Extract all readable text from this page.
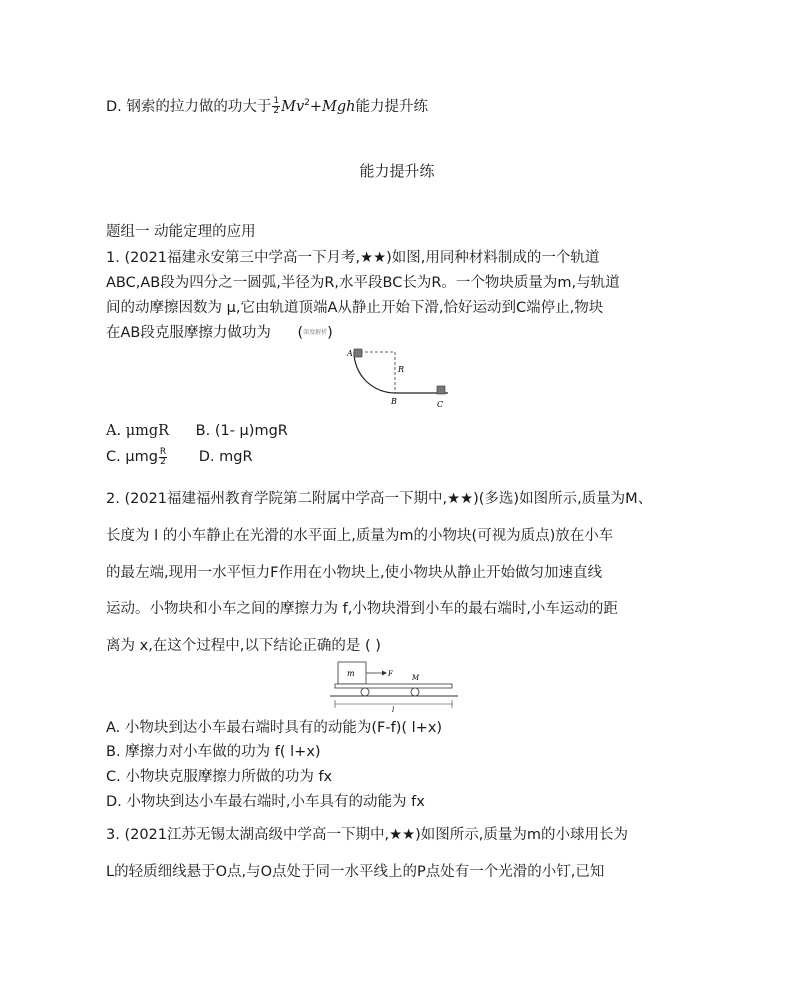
D. 钢索的拉力做的功大于 $\frac{1}{2} Mv^2+Mgh$能力提升练
能力提升练
题组一 动能定理的应用
1. (2021福建永安第三中学高一下月考,★★)如图,用同种材料制成的一个轨道
ABC,AB段为四分之一圆弧,半径为R,水平段BC长为R。一个物块质量为m,与轨道
间的动摩擦因数为 μ,它由轨道顶端A从静止开始下滑,恰好运动到C端停止,物块
在AB段克服摩擦力做功为 (深度解析)
A
R
B	C
A. μmgR B. (1- μ)mgR
C. μmg $\frac{R}{2} D$. mgR
2. (2021福建福州教育学院第二附属中学高一下期中,★★)(多选)如图所示,质量为M、
长度为 l 的小车静止在光滑的水平面上,质量为m的小物块(可视为质点)放在小车
的最左端,现用一水平恒力F作用在小物块上,使小物块从静止开始做匀加速直线
运动。小物块和小车之间的摩擦力为 f,小物块滑到小车的最右端时,小车运动的距
离为 x,在这个过程中,以下结论正确的是 ( )
m	F	M
l
A. 小物块到达小车最右端时具有的动能为(F-f)( l+x)
B. 摩擦力对小车做的功为 f( l+x)
C. 小物块克服摩擦力所做的功为 fx
D. 小物块到达小车最右端时,小车具有的动能为 fx
3. (2021江苏无锡太湖高级中学高一下期中,★★)如图所示,质量为m的小球用长为
L的轻质细线悬于O点,与O点处于同一水平线上的P点处有一个光滑的小钉,已知
